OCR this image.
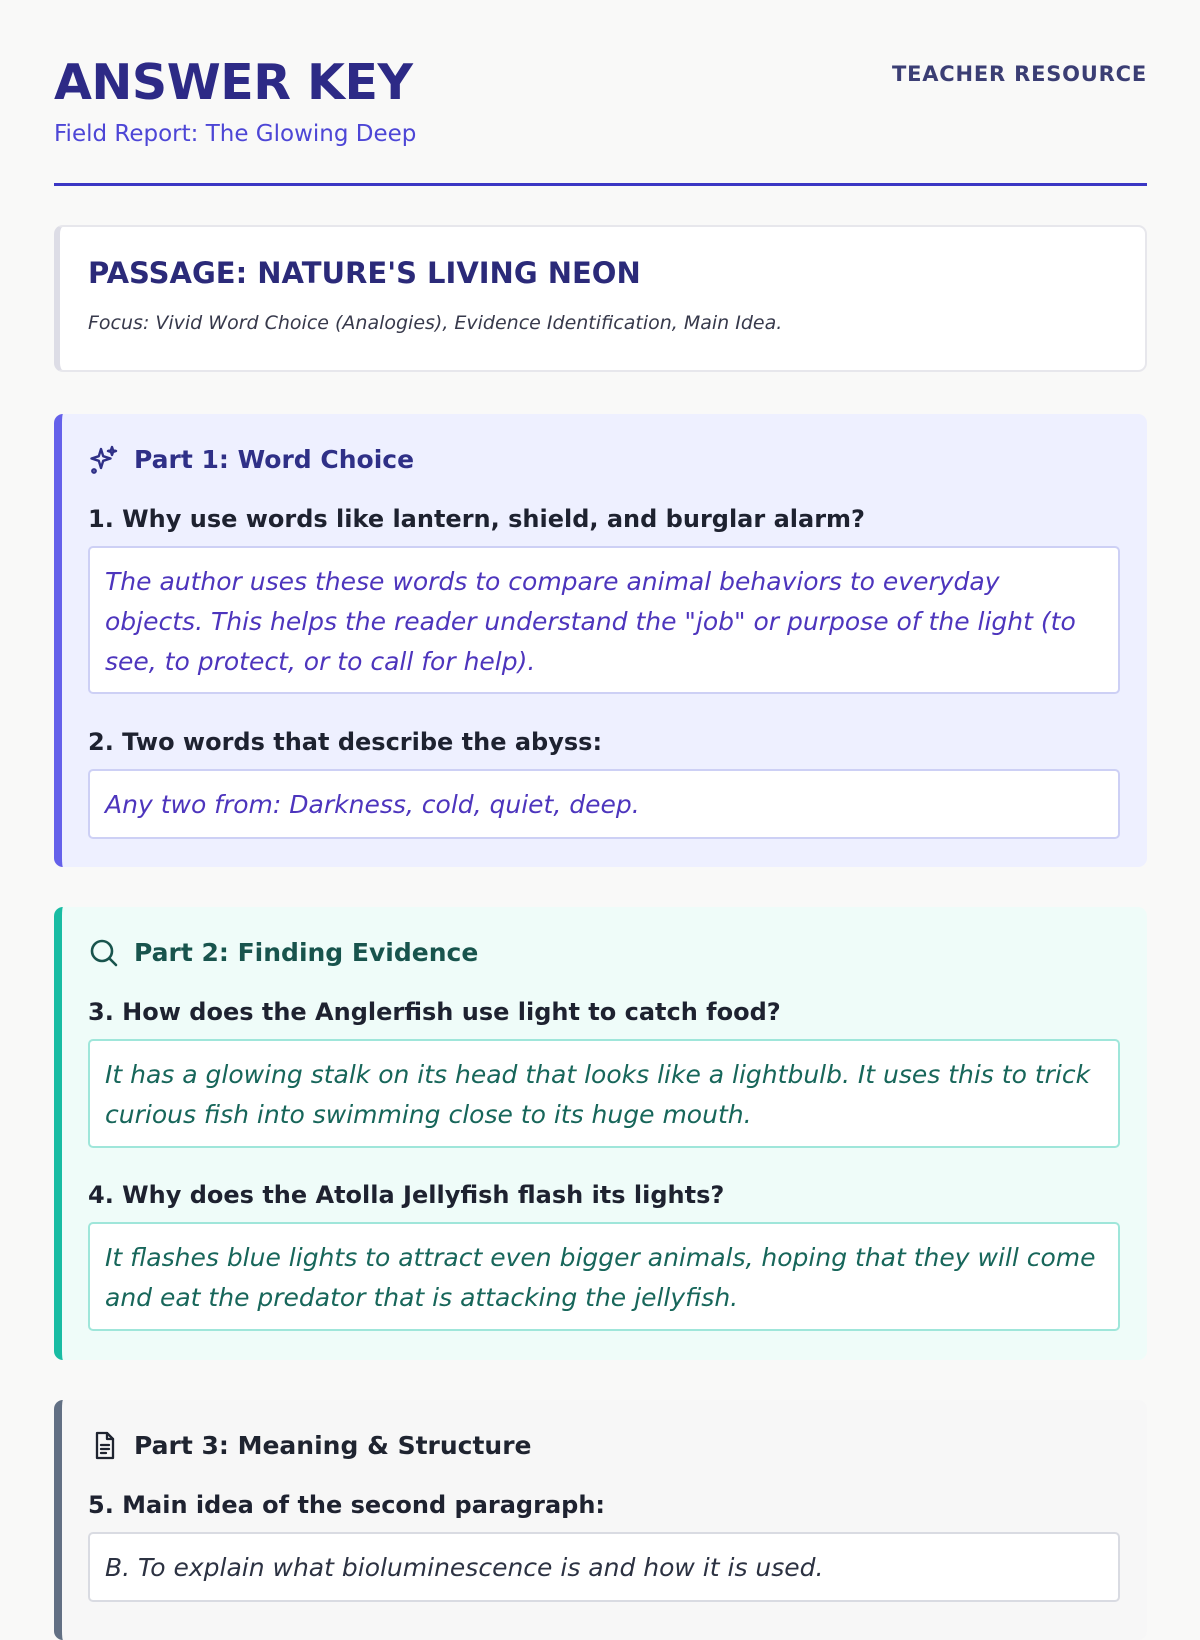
ANSWER KEY
Field Report: The Glowing Deep
TEACHER RESOURCE
PASSAGE: NATURE'S LIVING NEON
Focus: Vivid Word Choice (Analogies), Evidence Identification, Main Idea.
Part 1: Word Choice
1. Why use words like lantern, shield, and burglar alarm?
The author uses these words to compare animal behaviors to everyday objects. This helps the reader understand the "job" or purpose of the light (to see, to protect, or to call for help).
2. Two words that describe the abyss:
Any two from: Darkness, cold, quiet, deep.
Part 2: Finding Evidence
3. How does the Anglerfish use light to catch food?
It has a glowing stalk on its head that looks like a lightbulb. It uses this to trick curious fish into swimming close to its huge mouth.
4. Why does the Atolla Jellyfish flash its lights?
It flashes blue lights to attract even bigger animals, hoping that they will come and eat the predator that is attacking the jellyfish.
Part 3: Meaning & Structure
5. Main idea of the second paragraph:
B. To explain what bioluminescence is and how it is used.
